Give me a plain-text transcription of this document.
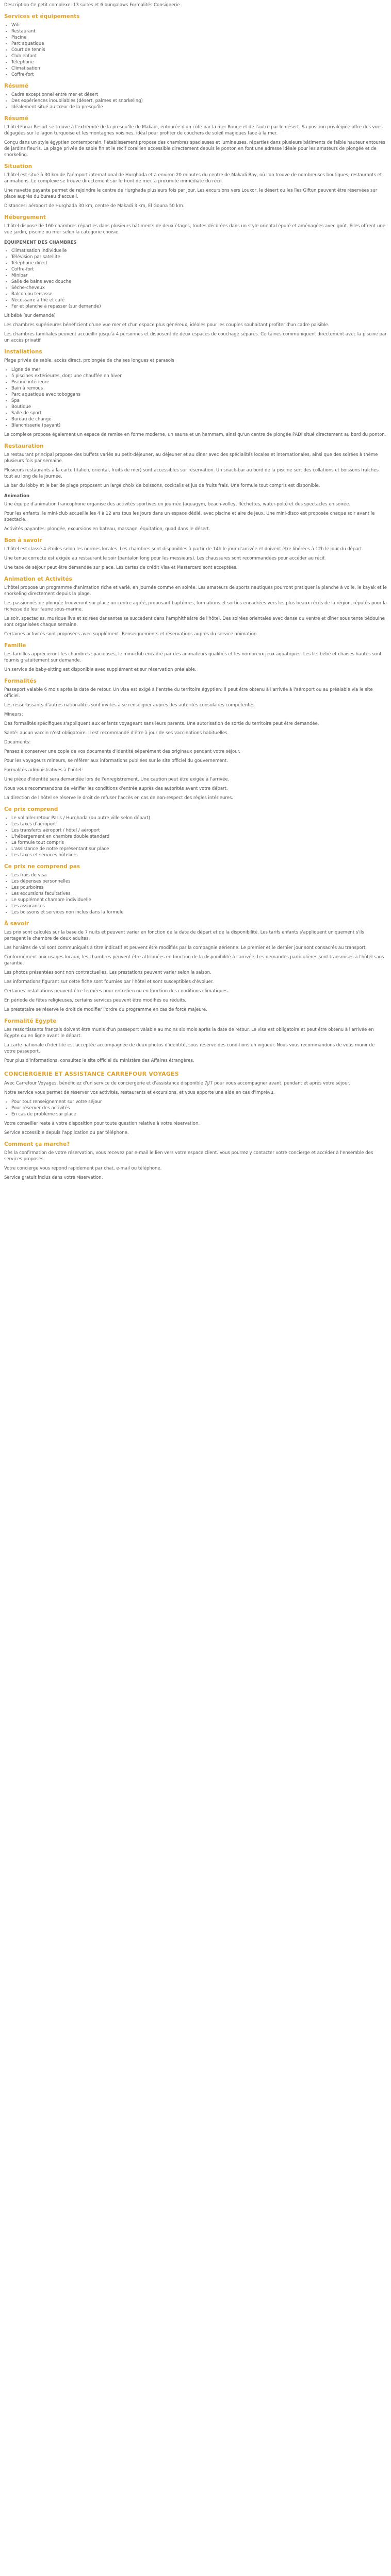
Description Ce petit complexe: 13 suites et 6 bungalows Formalités Consignerie

Services et équipements
• Wifi
• Restaurant
• Piscine
• Parc aquatique
• Court de tennis
• Club enfant
• Téléphone
• Climatisation
• Coffre-fort
Résumé
• Cadre exceptionnel entre mer et désert
• Des expériences inoubliables (désert, palmes et snorkeling)
• Idéalement situé au cœur de la presqu'île
Résumé

L'hôtel Fanar Resort se trouve à l'extrémité de la presqu'île de Makadi, entourée d'un côté par la mer Rouge et de l'autre par le désert. Sa position privilégiée offre des vues dégagées sur le lagon turquoise et les montagnes voisines, idéal pour profiter de couchers de soleil magiques face à la mer.

Conçu dans un style égyptien contemporain, l'établissement propose des chambres spacieuses et lumineuses, réparties dans plusieurs bâtiments de faible hauteur entourés de jardins fleuris. La plage privée de sable fin et le récif corallien accessible directement depuis le ponton en font une adresse idéale pour les amateurs de plongée et de snorkeling.

Situation

L'hôtel est situé à 30 km de l'aéroport international de Hurghada et à environ 20 minutes du centre de Makadi Bay, où l'on trouve de nombreuses boutiques, restaurants et animations. Le complexe se trouve directement sur le front de mer, à proximité immédiate du récif.

Une navette payante permet de rejoindre le centre de Hurghada plusieurs fois par jour. Les excursions vers Louxor, le désert ou les îles Giftun peuvent être réservées sur place auprès du bureau d'accueil.

Distances: aéroport de Hurghada 30 km, centre de Makadi 3 km, El Gouna 50 km.

Hébergement

L'hôtel dispose de 160 chambres réparties dans plusieurs bâtiments de deux étages, toutes décorées dans un style oriental épuré et aménagées avec goût. Elles offrent une vue jardin, piscine ou mer selon la catégorie choisie.

ÉQUIPEMENT DES CHAMBRES
• Climatisation individuelle
• Télévision par satellite
• Téléphone direct
• Coffre-fort
• Minibar
• Salle de bains avec douche
• Sèche-cheveux
• Balcon ou terrasse
• Nécessaire à thé et café
• Fer et planche à repasser (sur demande)

Lit bébé (sur demande)

Les chambres supérieures bénéficient d'une vue mer et d'un espace plus généreux, idéales pour les couples souhaitant profiter d'un cadre paisible.

Les chambres familiales peuvent accueillir jusqu'à 4 personnes et disposent de deux espaces de couchage séparés. Certaines communiquent directement avec la piscine par un accès privatif.

Installations

Plage privée de sable, accès direct, prolongée de chaises longues et parasols

• Ligne de mer
• 5 piscines extérieures, dont une chauffée en hiver
• Piscine intérieure
• Bain à remous
• Parc aquatique avec toboggans
• Spa
• Boutique
• Salle de sport
• Bureau de change
• Blanchisserie (payant)

Le complexe propose également un espace de remise en forme moderne, un sauna et un hammam, ainsi qu'un centre de plongée PADI situé directement au bord du ponton.

Restauration

Le restaurant principal propose des buffets variés au petit-déjeuner, au déjeuner et au dîner avec des spécialités locales et internationales, ainsi que des soirées à thème plusieurs fois par semaine.

Plusieurs restaurants à la carte (italien, oriental, fruits de mer) sont accessibles sur réservation. Un snack-bar au bord de la piscine sert des collations et boissons fraîches tout au long de la journée.

Le bar du lobby et le bar de plage proposent un large choix de boissons, cocktails et jus de fruits frais. Une formule tout compris est disponible.

Animation

Une équipe d'animation francophone organise des activités sportives en journée (aquagym, beach-volley, fléchettes, water-polo) et des spectacles en soirée.

Pour les enfants, le mini-club accueille les 4 à 12 ans tous les jours dans un espace dédié, avec piscine et aire de jeux. Une mini-disco est proposée chaque soir avant le spectacle.

Activités payantes: plongée, excursions en bateau, massage, équitation, quad dans le désert.

Bon à savoir

L'hôtel est classé 4 étoiles selon les normes locales. Les chambres sont disponibles à partir de 14h le jour d'arrivée et doivent être libérées à 12h le jour du départ.

Une tenue correcte est exigée au restaurant le soir (pantalon long pour les messieurs). Les chaussures sont recommandées pour accéder au récif.

Une taxe de séjour peut être demandée sur place. Les cartes de crédit Visa et Mastercard sont acceptées.

Animation et Activités

L'hôtel propose un programme d'animation riche et varié, en journée comme en soirée. Les amateurs de sports nautiques pourront pratiquer la planche à voile, le kayak et le snorkeling directement depuis la plage.

Les passionnés de plongée trouveront sur place un centre agréé, proposant baptêmes, formations et sorties encadrées vers les plus beaux récifs de la région, réputés pour la richesse de leur faune sous-marine.

Le soir, spectacles, musique live et soirées dansantes se succèdent dans l'amphithéâtre de l'hôtel. Des soirées orientales avec danse du ventre et dîner sous tente bédouine sont organisées chaque semaine.

Certaines activités sont proposées avec supplément. Renseignements et réservations auprès du service animation.

Famille

Les familles apprécieront les chambres spacieuses, le mini-club encadré par des animateurs qualifiés et les nombreux jeux aquatiques. Les lits bébé et chaises hautes sont fournis gratuitement sur demande.

Un service de baby-sitting est disponible avec supplément et sur réservation préalable.

Formalités

Passeport valable 6 mois après la date de retour. Un visa est exigé à l'entrée du territoire égyptien: il peut être obtenu à l'arrivée à l'aéroport ou au préalable via le site officiel.

Les ressortissants d'autres nationalités sont invités à se renseigner auprès des autorités consulaires compétentes.

Mineurs:

Des formalités spécifiques s'appliquent aux enfants voyageant sans leurs parents. Une autorisation de sortie du territoire peut être demandée.

Santé: aucun vaccin n'est obligatoire. Il est recommandé d'être à jour de ses vaccinations habituelles.

Documents:

Pensez à conserver une copie de vos documents d'identité séparément des originaux pendant votre séjour.

Pour les voyageurs mineurs, se référer aux informations publiées sur le site officiel du gouvernement.

Formalités administratives à l'hôtel:

Une pièce d'identité sera demandée lors de l'enregistrement. Une caution peut être exigée à l'arrivée.

Nous vous recommandons de vérifier les conditions d'entrée auprès des autorités avant votre départ.

La direction de l'hôtel se réserve le droit de refuser l'accès en cas de non-respect des règles intérieures.

Ce prix comprend
• Le vol aller-retour Paris / Hurghada (ou autre ville selon départ)
• Les taxes d'aéroport
• Les transferts aéroport / hôtel / aéroport
• L'hébergement en chambre double standard
• La formule tout compris
• L'assistance de notre représentant sur place
• Les taxes et services hôteliers
Ce prix ne comprend pas
• Les frais de visa
• Les dépenses personnelles
• Les pourboires
• Les excursions facultatives
• Le supplément chambre individuelle
• Les assurances
• Les boissons et services non inclus dans la formule
À savoir

Les prix sont calculés sur la base de 7 nuits et peuvent varier en fonction de la date de départ et de la disponibilité. Les tarifs enfants s'appliquent uniquement s'ils partagent la chambre de deux adultes.

Les horaires de vol sont communiqués à titre indicatif et peuvent être modifiés par la compagnie aérienne. Le premier et le dernier jour sont consacrés au transport.

Conformément aux usages locaux, les chambres peuvent être attribuées en fonction de la disponibilité à l'arrivée. Les demandes particulières sont transmises à l'hôtel sans garantie.

Les photos présentées sont non contractuelles. Les prestations peuvent varier selon la saison.

Les informations figurant sur cette fiche sont fournies par l'hôtel et sont susceptibles d'évoluer.

Certaines installations peuvent être fermées pour entretien ou en fonction des conditions climatiques.

En période de fêtes religieuses, certains services peuvent être modifiés ou réduits.

Le prestataire se réserve le droit de modifier l'ordre du programme en cas de force majeure.

Formalité Egypte

Les ressortissants français doivent être munis d'un passeport valable au moins six mois après la date de retour. Le visa est obligatoire et peut être obtenu à l'arrivée en Égypte ou en ligne avant le départ.

La carte nationale d'identité est acceptée accompagnée de deux photos d'identité, sous réserve des conditions en vigueur. Nous vous recommandons de vous munir de votre passeport.

Pour plus d'informations, consultez le site officiel du ministère des Affaires étrangères.

CONCIERGERIE ET ASSISTANCE CARREFOUR VOYAGES

Avec Carrefour Voyages, bénéficiez d'un service de conciergerie et d'assistance disponible 7j/7 pour vous accompagner avant, pendant et après votre séjour.

Notre service vous permet de réserver vos activités, restaurants et excursions, et vous apporte une aide en cas d'imprévu.

• Pour tout renseignement sur votre séjour
• Pour réserver des activités
• En cas de problème sur place

Votre conseiller reste à votre disposition pour toute question relative à votre réservation.

Service accessible depuis l'application ou par téléphone.

Comment ça marche?

Dès la confirmation de votre réservation, vous recevez par e-mail le lien vers votre espace client. Vous pourrez y contacter votre concierge et accéder à l'ensemble des services proposés.

Votre concierge vous répond rapidement par chat, e-mail ou téléphone.

Service gratuit inclus dans votre réservation.
